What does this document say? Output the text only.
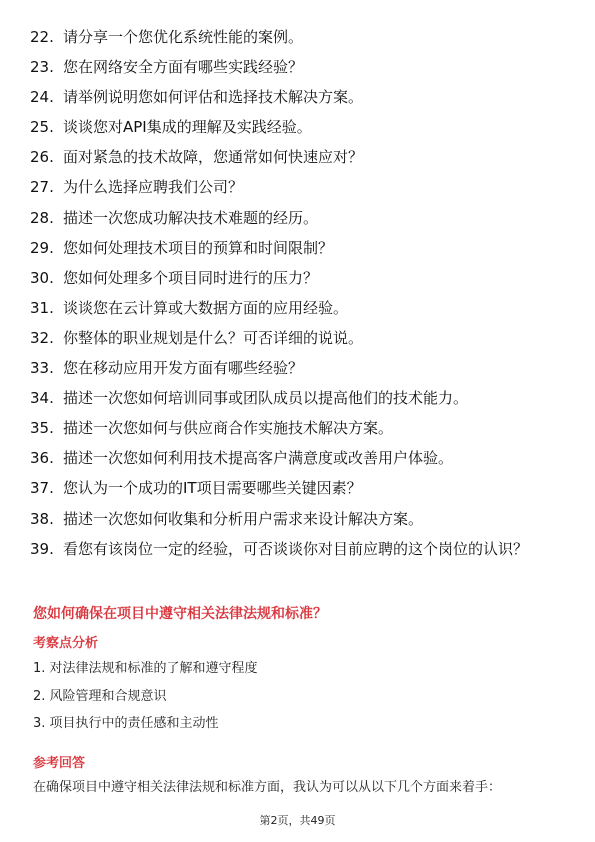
22. 请分享一个您优化系统性能的案例。
23. 您在网络安全方面有哪些实践经验？
24. 请举例说明您如何评估和选择技术解决方案。
25. 谈谈您对API集成的理解及实践经验。
26. 面对紧急的技术故障，您通常如何快速应对？
27. 为什么选择应聘我们公司？
28. 描述一次您成功解决技术难题的经历。
29. 您如何处理技术项目的预算和时间限制？
30. 您如何处理多个项目同时进行的压力？
31. 谈谈您在云计算或大数据方面的应用经验。
32. 你整体的职业规划是什么？可否详细的说说。
33. 您在移动应用开发方面有哪些经验？
34. 描述一次您如何培训同事或团队成员以提高他们的技术能力。
35. 描述一次您如何与供应商合作实施技术解决方案。
36. 描述一次您如何利用技术提高客户满意度或改善用户体验。
37. 您认为一个成功的IT项目需要哪些关键因素？
38. 描述一次您如何收集和分析用户需求来设计解决方案。
39. 看您有该岗位一定的经验，可否谈谈你对目前应聘的这个岗位的认识？
您如何确保在项目中遵守相关法律法规和标准？
考察点分析
1. 对法律法规和标准的了解和遵守程度
2. 风险管理和合规意识
3. 项目执行中的责任感和主动性
参考回答
在确保项目中遵守相关法律法规和标准方面，我认为可以从以下几个方面来着手：
第2页，共49页
